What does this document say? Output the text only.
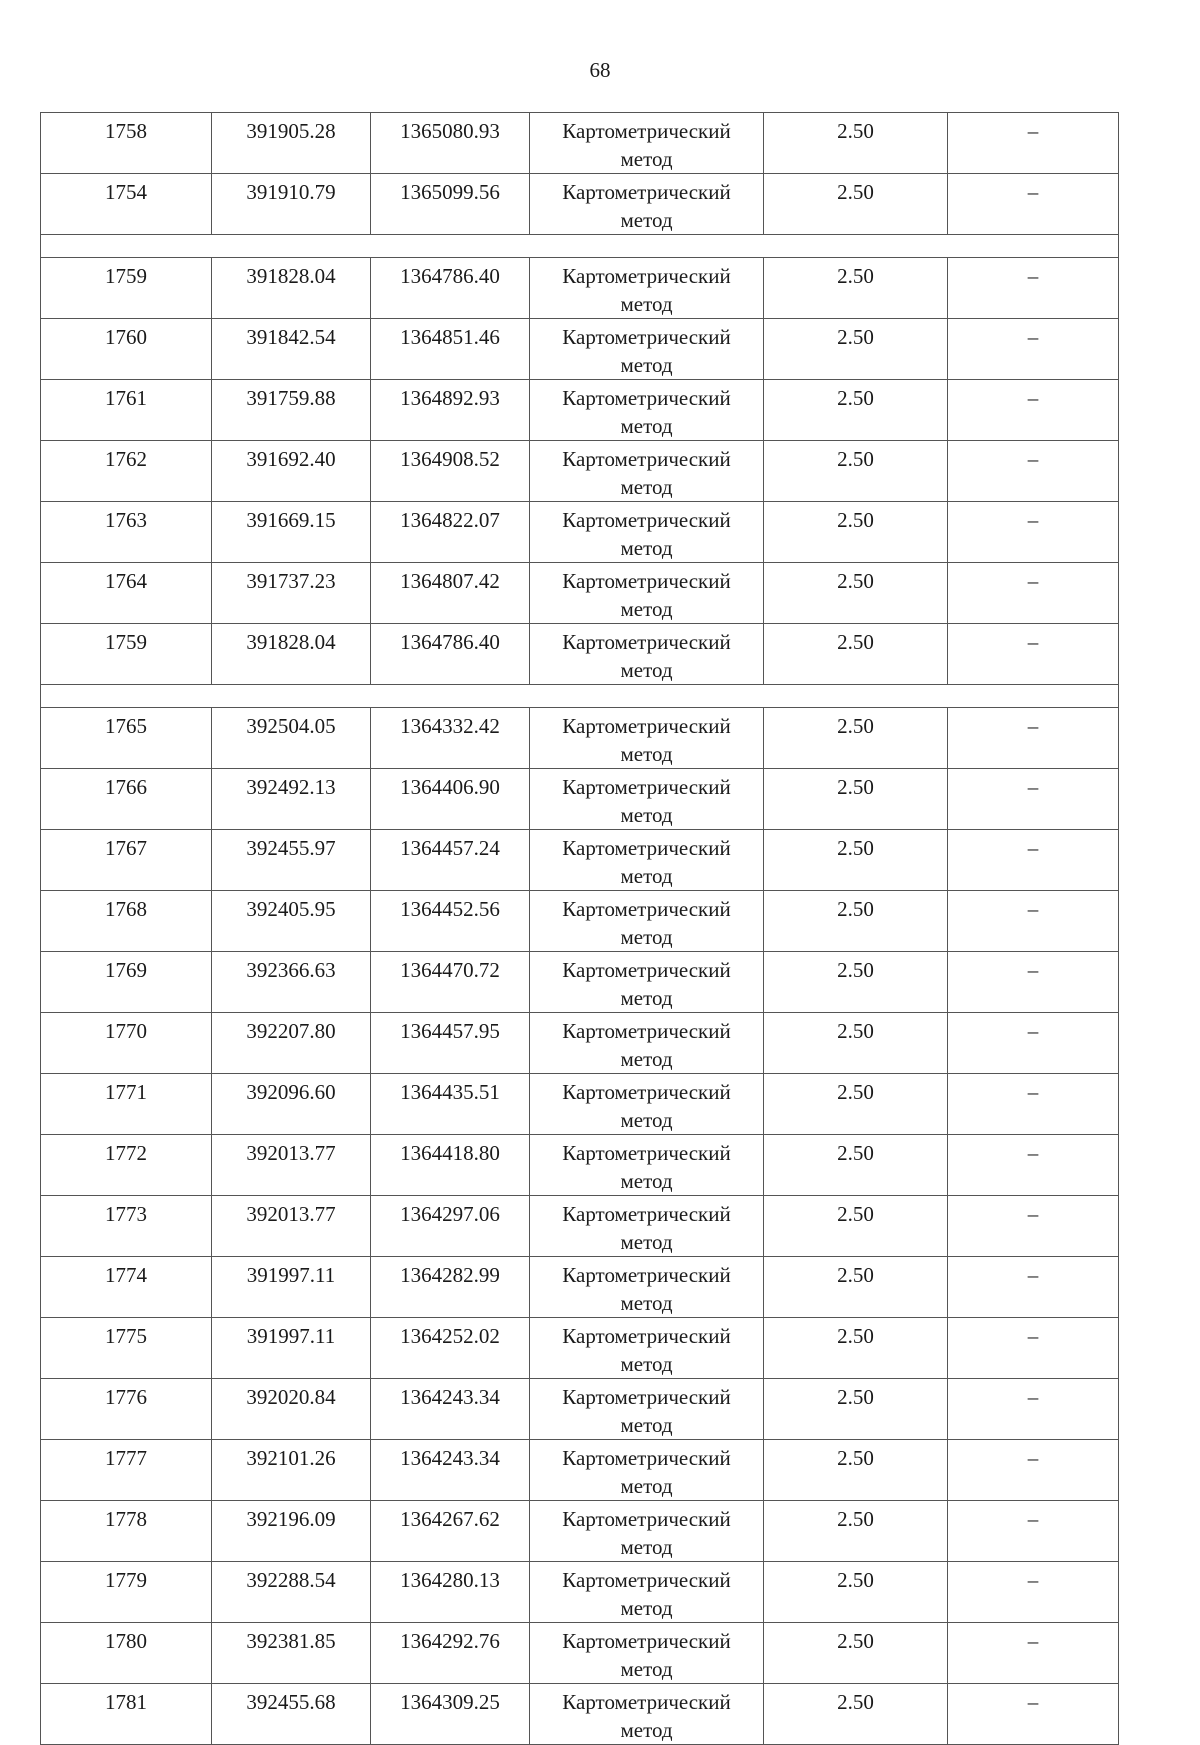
68
1758	391905.28	1365080.93	Картометрический метод	2.50	–
1754	391910.79	1365099.56	Картометрический метод	2.50	–

1759	391828.04	1364786.40	Картометрический метод	2.50	–
1760	391842.54	1364851.46	Картометрический метод	2.50	–
1761	391759.88	1364892.93	Картометрический метод	2.50	–
1762	391692.40	1364908.52	Картометрический метод	2.50	–
1763	391669.15	1364822.07	Картометрический метод	2.50	–
1764	391737.23	1364807.42	Картометрический метод	2.50	–
1759	391828.04	1364786.40	Картометрический метод	2.50	–

1765	392504.05	1364332.42	Картометрический метод	2.50	–
1766	392492.13	1364406.90	Картометрический метод	2.50	–
1767	392455.97	1364457.24	Картометрический метод	2.50	–
1768	392405.95	1364452.56	Картометрический метод	2.50	–
1769	392366.63	1364470.72	Картометрический метод	2.50	–
1770	392207.80	1364457.95	Картометрический метод	2.50	–
1771	392096.60	1364435.51	Картометрический метод	2.50	–
1772	392013.77	1364418.80	Картометрический метод	2.50	–
1773	392013.77	1364297.06	Картометрический метод	2.50	–
1774	391997.11	1364282.99	Картометрический метод	2.50	–
1775	391997.11	1364252.02	Картометрический метод	2.50	–
1776	392020.84	1364243.34	Картометрический метод	2.50	–
1777	392101.26	1364243.34	Картометрический метод	2.50	–
1778	392196.09	1364267.62	Картометрический метод	2.50	–
1779	392288.54	1364280.13	Картометрический метод	2.50	–
1780	392381.85	1364292.76	Картометрический метод	2.50	–
1781	392455.68	1364309.25	Картометрический метод	2.50	–
